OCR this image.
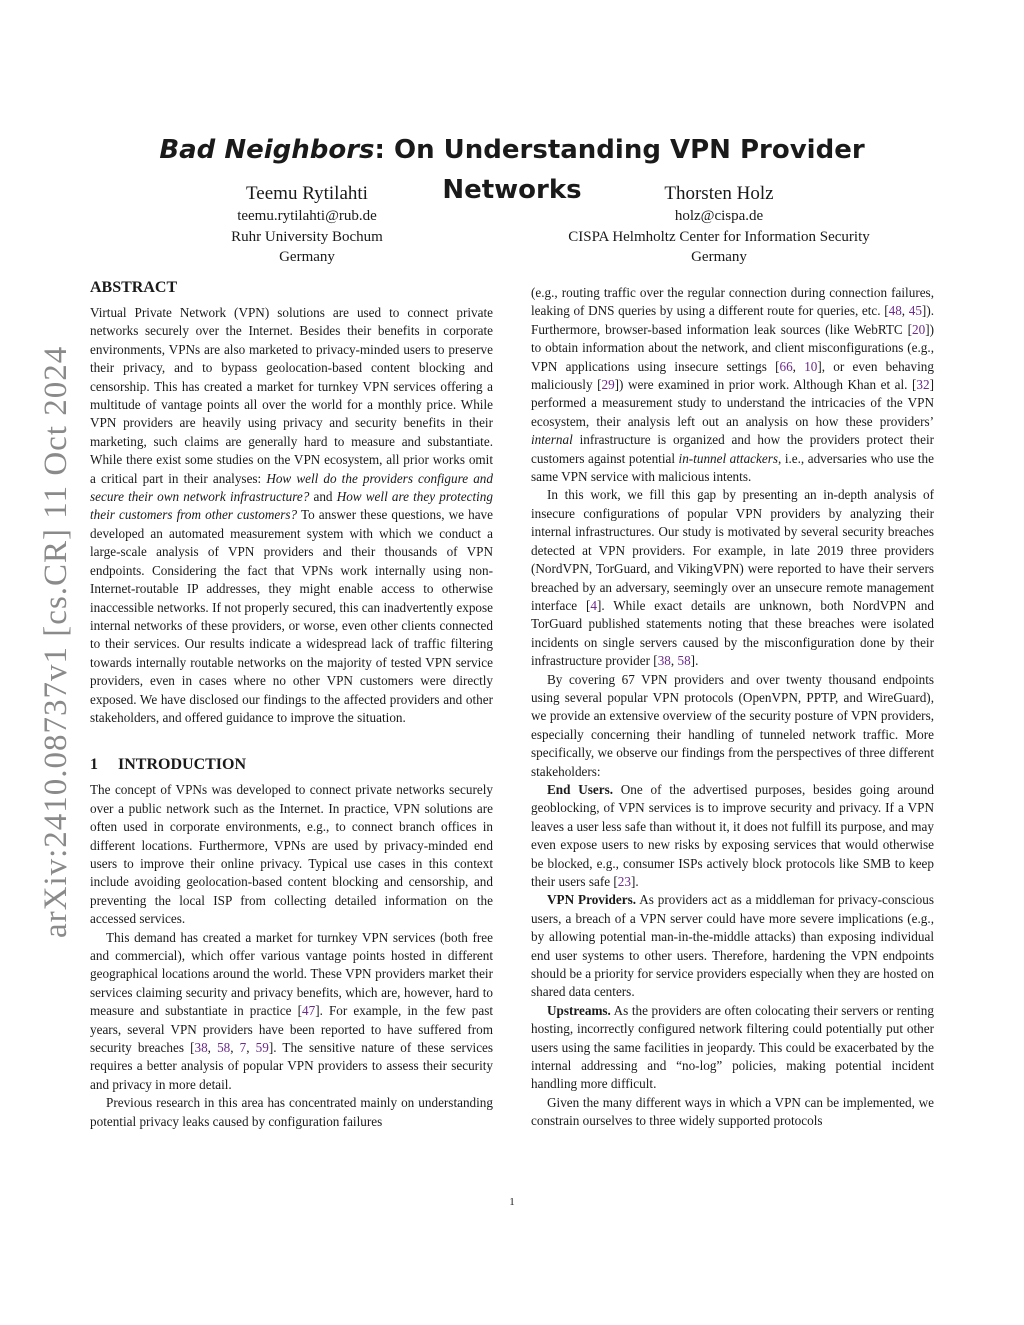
arXiv:2410.08737v1 [cs.CR] 11 Oct 2024
Bad Neighbors: On Understanding VPN Provider Networks
Teemu Rytilahti
teemu.rytilahti@rub.de
Ruhr University Bochum
Germany
Thorsten Holz
holz@cispa.de
CISPA Helmholtz Center for Information Security
Germany
ABSTRACT

Virtual Private Network (VPN) solutions are used to connect private networks securely over the Internet. Besides their benefits in corporate environments, VPNs are also marketed to privacy-minded users to preserve their privacy, and to bypass geolocation-based content blocking and censorship. This has created a market for turnkey VPN services offering a multitude of vantage points all over the world for a monthly price. While VPN providers are heavily using privacy and security benefits in their marketing, such claims are generally hard to measure and substantiate. While there exist some studies on the VPN ecosystem, all prior works omit a critical part in their analyses: How well do the providers configure and secure their own network infrastructure? and How well are they protecting their customers from other customers? To answer these questions, we have developed an automated measurement system with which we conduct a large-scale analysis of VPN providers and their thousands of VPN endpoints. Considering the fact that VPNs work internally using non-Internet-routable IP addresses, they might enable access to otherwise inaccessible networks. If not properly secured, this can inadvertently expose internal networks of these providers, or worse, even other clients connected to their services. Our results indicate a widespread lack of traffic filtering towards internally routable networks on the majority of tested VPN service providers, even in cases where no other VPN customers were directly exposed. We have disclosed our findings to the affected providers and other stakeholders, and offered guidance to improve the situation.

1 INTRODUCTION

The concept of VPNs was developed to connect private networks securely over a public network such as the Internet. In practice, VPN solutions are often used in corporate environments, e.g., to connect branch offices in different locations. Furthermore, VPNs are used by privacy-minded end users to improve their online privacy. Typical use cases in this context include avoiding geolocation-based content blocking and censorship, and preventing the local ISP from collecting detailed information on the accessed services.

This demand has created a market for turnkey VPN services (both free and commercial), which offer various vantage points hosted in different geographical locations around the world. These VPN providers market their services claiming security and privacy benefits, which are, however, hard to measure and substantiate in practice [47]. For example, in the few past years, several VPN providers have been reported to have suffered from security breaches [38, 58, 7, 59]. The sensitive nature of these services requires a better analysis of popular VPN providers to assess their security and privacy in more detail.

Previous research in this area has concentrated mainly on understanding potential privacy leaks caused by configuration failures

(e.g., routing traffic over the regular connection during connection failures, leaking of DNS queries by using a different route for queries, etc. [48, 45]). Furthermore, browser-based information leak sources (like WebRTC [20]) to obtain information about the network, and client misconfigurations (e.g., VPN applications using insecure settings [66, 10], or even behaving maliciously [29]) were examined in prior work. Although Khan et al. [32] performed a measurement study to understand the intricacies of the VPN ecosystem, their analysis left out an analysis on how these providers’ internal infrastructure is organized and how the providers protect their customers against potential in-tunnel attackers, i.e., adversaries who use the same VPN service with malicious intents.

In this work, we fill this gap by presenting an in-depth analysis of insecure configurations of popular VPN providers by analyzing their internal infrastructures. Our study is motivated by several security breaches detected at VPN providers. For example, in late 2019 three providers (NordVPN, TorGuard, and VikingVPN) were reported to have their servers breached by an adversary, seemingly over an unsecure remote management interface [4]. While exact details are unknown, both NordVPN and TorGuard published statements noting that these breaches were isolated incidents on single servers caused by the misconfiguration done by their infrastructure provider [38, 58].

By covering 67 VPN providers and over twenty thousand endpoints using several popular VPN protocols (OpenVPN, PPTP, and WireGuard), we provide an extensive overview of the security posture of VPN providers, especially concerning their handling of tunneled network traffic. More specifically, we observe our findings from the perspectives of three different stakeholders:

End Users. One of the advertised purposes, besides going around geoblocking, of VPN services is to improve security and privacy. If a VPN leaves a user less safe than without it, it does not fulfill its purpose, and may even expose users to new risks by exposing services that would otherwise be blocked, e.g., consumer ISPs actively block protocols like SMB to keep their users safe [23].

VPN Providers. As providers act as a middleman for privacy-conscious users, a breach of a VPN server could have more severe implications (e.g., by allowing potential man-in-the-middle attacks) than exposing individual end user systems to other users. Therefore, hardening the VPN endpoints should be a priority for service providers especially when they are hosted on shared data centers.

Upstreams. As the providers are often colocating their servers or renting hosting, incorrectly configured network filtering could potentially put other users using the same facilities in jeopardy. This could be exacerbated by the internal addressing and “no-log” policies, making potential incident handling more difficult.

Given the many different ways in which a VPN can be implemented, we constrain ourselves to three widely supported protocols

1
